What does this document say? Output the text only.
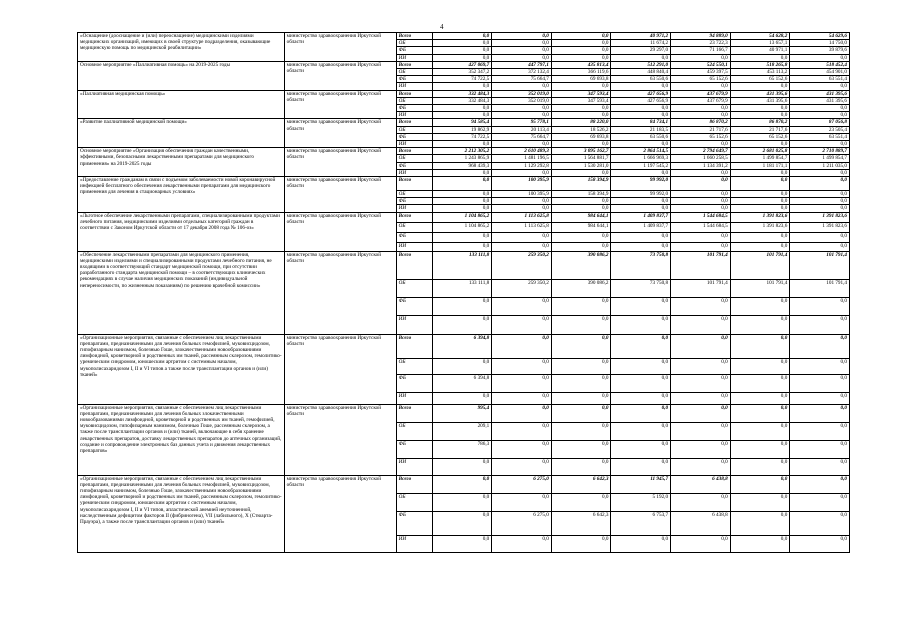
4
«Оснащение (дооснащение и (или) переоснащение) медицинскими изделиями медицинских организаций, имеющих в своей структуре подразделения, оказывающие медицинскую помощь по медицинской реабилитации»	министерство здравоохранения Иркутской области	Всего	0,0	0,0	0,0	40 971,2	94 889,0	54 628,2	54 629,6
		ОБ	0,0	0,0	0,0	11 674,2	23 722,3	13 657,1	14 750,0
		ФБ	0,0	0,0	0,0	29 297,0	71 166,7	40 971,1	39 879,6
		ИИ	0,0	0,0	0,0	0,0	0,0	0,0	0,0
Основное мероприятие «Паллиативная помощь» на 2019-2025 годы	министерство здравоохранения Иркутской области	Всего	427 069,7	447 797,1	435 813,4	512 291,0	524 550,1	518 265,8	518 452,4
		ОБ	352 347,2	372 132,4	366 119,6	448 840,4	459 397,5	453 113,2	454 901,0
		ФБ	74 722,5	75 664,7	69 693,8	63 550,6	65 152,6	65 152,6	63 551,4
		ИИ	0,0	0,0	0,0	0,0	0,0	0,0	0,0
«Паллиативная медицинская помощь»	министерство здравоохранения Иркутской области	Всего	332 484,3	352 019,0	347 593,4	427 656,9	437 679,9	431 395,6	431 395,6
		ОБ	332 484,3	352 019,0	347 593,4	427 656,9	437 679,9	431 395,6	431 395,6
		ФБ	0,0	0,0	0,0	0,0	0,0	0,0	0,0
		ИИ	0,0	0,0	0,0	0,0	0,0	0,0	0,0
«Развитие паллиативной медицинской помощи»	министерство здравоохранения Иркутской области	Всего	94 585,4	95 778,1	88 220,0	84 734,1	86 870,2	86 870,2	87 056,8
		ОБ	19 862,9	20 113,4	18 526,2	21 183,5	21 717,6	21 717,6	23 505,4
		ФБ	74 722,5	75 664,7	69 693,8	63 550,6	65 152,6	65 152,6	63 551,4
		ИИ	0,0	0,0	0,0	0,0	0,0	0,0	0,0
Основное мероприятие «Организация обеспечения граждан качественными, эффективными, безопасными лекарственными препаратами для медицинского применения» на 2019-2025 годы	министерство здравоохранения Иркутской области	Всего	2 212 305,2	2 610 489,3	3 095 162,7	2 864 514,5	2 794 649,7	2 681 025,8	2 710 889,7
		ОБ	1 243 865,9	1 481 196,5	1 564 881,7	1 666 969,3	1 660 258,5	1 499 854,7	1 499 854,7
		ФБ	968 439,3	1 129 292,8	1 530 281,0	1 197 545,2	1 134 391,2	1 181 171,1	1 211 035,0
		ИИ	0,0	0,0	0,0	0,0	0,0	0,0	0,0
«Предоставление гражданам в связи с подъемом заболеваемости новой коронавирусной инфекцией бесплатного обеспечения лекарственными препаратами для медицинского применения для лечения в стационарных условиях»	министерство здравоохранения Иркутской области	Всего	0,0	100 395,9	158 394,9	99 992,0	0,0	0,0	0,0
		ОБ	0,0	100 395,9	158 394,9	99 992,0	0,0	0,0	0,0
		ФБ	0,0	0,0	0,0	0,0	0,0	0,0	0,0
		ИИ	0,0	0,0	0,0	0,0	0,0	0,0	0,0
«Льготное обеспечение лекарственными препаратами, специализированными продуктами лечебного питания, медицинскими изделиями отдельных категорий граждан в соответствии с Законом Иркутской области от 17 декабря 2008 года № 106-оз»	министерство здравоохранения Иркутской области	Всего	1 104 865,2	1 113 625,8	984 644,1	1 409 837,7	1 544 684,5	1 391 823,6	1 391 823,6
		ОБ	1 104 865,2	1 113 625,8	984 644,1	1 409 837,7	1 544 684,5	1 391 823,6	1 391 823,6
		ФБ	0,0	0,0	0,0	0,0	0,0	0,0	0,0
		ИИ	0,0	0,0	0,0	0,0	0,0	0,0	0,0
«Обеспечение лекарственными препаратами для медицинского применения, медицинскими изделиями и специализированными продуктами лечебного питания, не входящими в соответствующий стандарт медицинской помощи, при отсутствии разработанного стандарта медицинской помощи – в соответствующих клинических рекомендациях в случае наличия медицинских показаний (индивидуальной непереносимости, по жизненным показаниям) по решению врачебной комиссии»	министерство здравоохранения Иркутской области	Всего	133 111,8	259 350,2	390 086,2	73 750,8	101 791,4	101 791,4	101 791,4
		ОБ	133 111,8	259 350,2	390 086,2	73 750,8	101 791,4	101 791,4	101 791,4
		ФБ	0,0	0,0	0,0	0,0	0,0	0,0	0,0
		ИИ	0,0	0,0	0,0	0,0	0,0	0,0	0,0
«Организационные мероприятия, связанные с обеспечением лиц лекарственными препаратами, предназначенными для лечения больных гемофилией, муковисцидозом, гипофизарным нанизмом, болезнью Гоше, злокачественными новообразованиями лимфоидной, кроветворной и родственных им тканей, рассеянным склерозом, гемолитико-уремическим синдромом, юношеским артритом с системным началом, мукополисахаридозом I, II и VI типов а также после трансплантации органов и (или) тканей»	министерство здравоохранения Иркутской области	Всего	6 394,8	0,0	0,0	0,0	0,0	0,0	0,0
		ОБ	0,0	0,0	0,0	0,0	0,0	0,0	0,0
		ФБ	6 394,8	0,0	0,0	0,0	0,0	0,0	0,0
		ИИ	0,0	0,0	0,0	0,0	0,0	0,0	0,0
«Организационные мероприятия, связанные с обеспечением лиц лекарственными препаратами, предназначенными для лечения больных злокачественными новообразованиями лимфоидной, кроветворной и родственных им тканей, гемофилией, муковисцидозом, гипофизарным нанизмом, болезнью Гоше, рассеянным склерозом, а также после трансплантации органов и (или) тканей, включающие в себя хранение лекарственных препаратов, доставку лекарственных препаратов до аптечных организаций, создание и сопровождение электронных баз данных учета и движения лекарственных препаратов»	министерство здравоохранения Иркутской области	Всего	995,4	0,0	0,0	0,0	0,0	0,0	0,0
		ОБ	209,1	0,0	0,0	0,0	0,0	0,0	0,0
		ФБ	786,3	0,0	0,0	0,0	0,0	0,0	0,0
		ИИ	0,0	0,0	0,0	0,0	0,0	0,0	0,0
«Организационные мероприятия, связанные с обеспечением лиц лекарственными препаратами, предназначенными для лечения больных гемофилией, муковисцидозом, гипофизарным нанизмом, болезнью Гоше, злокачественными новообразованиями лимфоидной, кроветворной и родственных им тканей, рассеянным склерозом, гемолитико-уремическим синдромом, юношеским артритом с системным началом, мукополисахаридозом I, II и VI типов, апластической анемией неуточненной, наследственным дефицитом факторов II (фибриногена), VII (лабильного), X (Стюарта-Прауэра), а также после трансплантации органов и (или) тканей»	министерство здравоохранения Иркутской области	Всего	0,0	6 275,0	6 642,3	11 945,7	6 438,8	0,0	0,0
		ОБ	0,0	0,0	0,0	5 192,0	0,0	0,0	0,0
		ФБ	0,0	6 275,0	6 642,3	6 753,7	6 438,8	0,0	0,0
		ИИ	0,0	0,0	0,0	0,0	0,0	0,0	0,0
